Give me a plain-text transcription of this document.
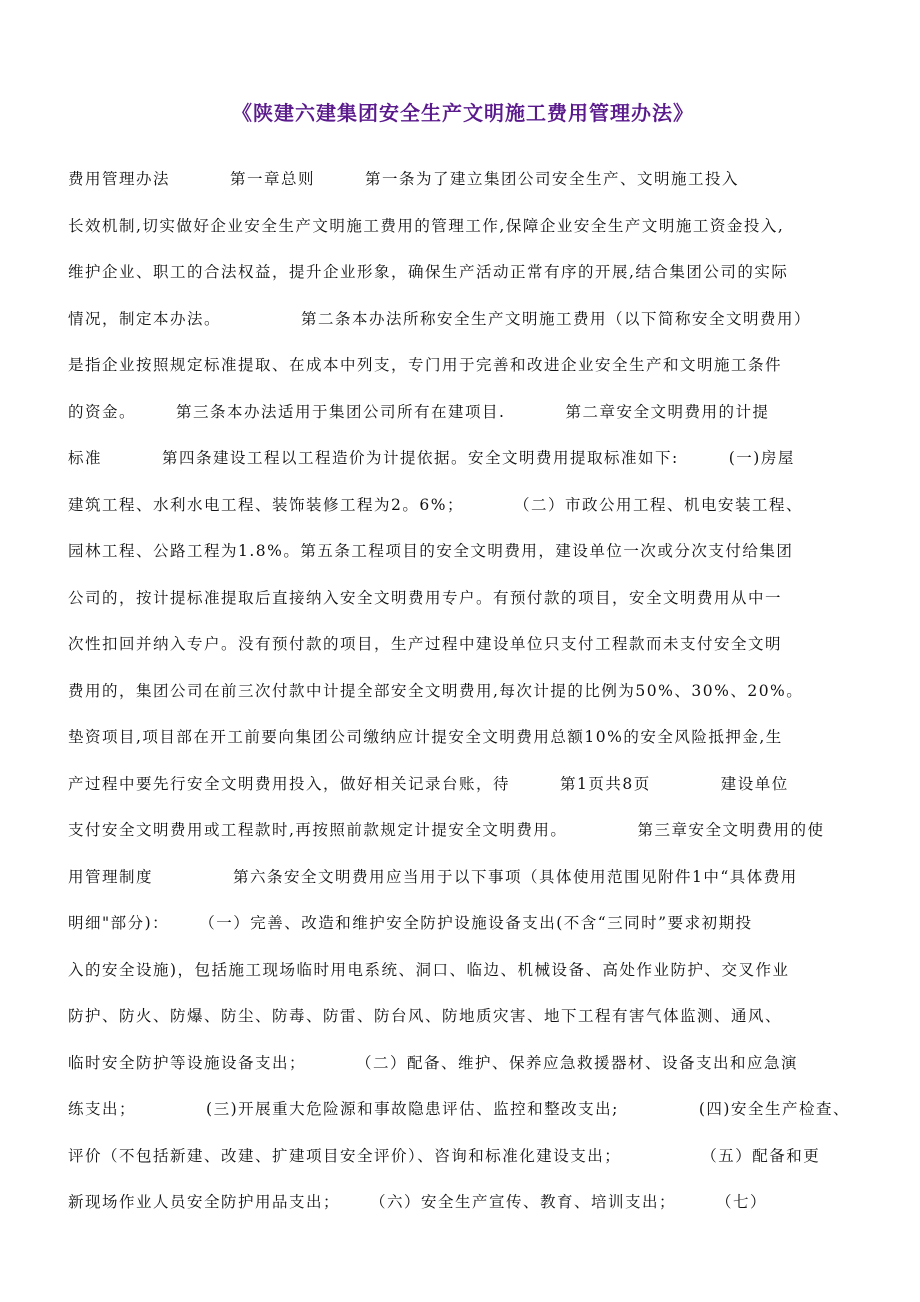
《陕建六建集团安全生产文明施工费用管理办法》
费用管理办法	第一章总则	第一条为了建立集团公司安全生产、文明施工投入
长效机制,切实做好企业安全生产文明施工费用的管理工作,保障企业安全生产文明施工资金投入,
维护企业、职工的合法权益，提升企业形象，确保生产活动正常有序的开展,结合集团公司的实际
情况，制定本办法。	第二条本办法所称安全生产文明施工费用（以下简称安全文明费用）
是指企业按照规定标准提取、在成本中列支，专门用于完善和改进企业安全生产和文明施工条件
的资金。	第三条本办法适用于集团公司所有在建项目.	第二章安全文明费用的计提
标准	第四条建设工程以工程造价为计提依据。安全文明费用提取标准如下:	(一)房屋
建筑工程、水利水电工程、装饰装修工程为2。6%；	（二）市政公用工程、机电安装工程、
园林工程、公路工程为1.8%。第五条工程项目的安全文明费用，建设单位一次或分次支付给集团
公司的，按计提标准提取后直接纳入安全文明费用专户。有预付款的项目，安全文明费用从中一
次性扣回并纳入专户。没有预付款的项目，生产过程中建设单位只支付工程款而未支付安全文明
费用的，集团公司在前三次付款中计提全部安全文明费用,每次计提的比例为50%、30%、20%。
垫资项目,项目部在开工前要向集团公司缴纳应计提安全文明费用总额10%的安全风险抵押金,生
产过程中要先行安全文明费用投入，做好相关记录台账，待	第1页共8页	建设单位
支付安全文明费用或工程款时,再按照前款规定计提安全文明费用。	第三章安全文明费用的使
用管理制度	第六条安全文明费用应当用于以下事项（具体使用范围见附件1中“具体费用
明细"部分)： （一）完善、改造和维护安全防护设施设备支出(不含“三同时”要求初期投
入的安全设施)，包括施工现场临时用电系统、洞口、临边、机械设备、高处作业防护、交叉作业
防护、防火、防爆、防尘、防毒、防雷、防台风、防地质灾害、地下工程有害气体监测、通风、
临时安全防护等设施设备支出；	（二）配备、维护、保养应急救援器材、设备支出和应急演
练支出；	(三)开展重大危险源和事故隐患评估、监控和整改支出;	(四)安全生产检查、
评价（不包括新建、改建、扩建项目安全评价）、咨询和标准化建设支出；	（五）配备和更
新现场作业人员安全防护用品支出； （六）安全生产宣传、教育、培训支出；	（七）
